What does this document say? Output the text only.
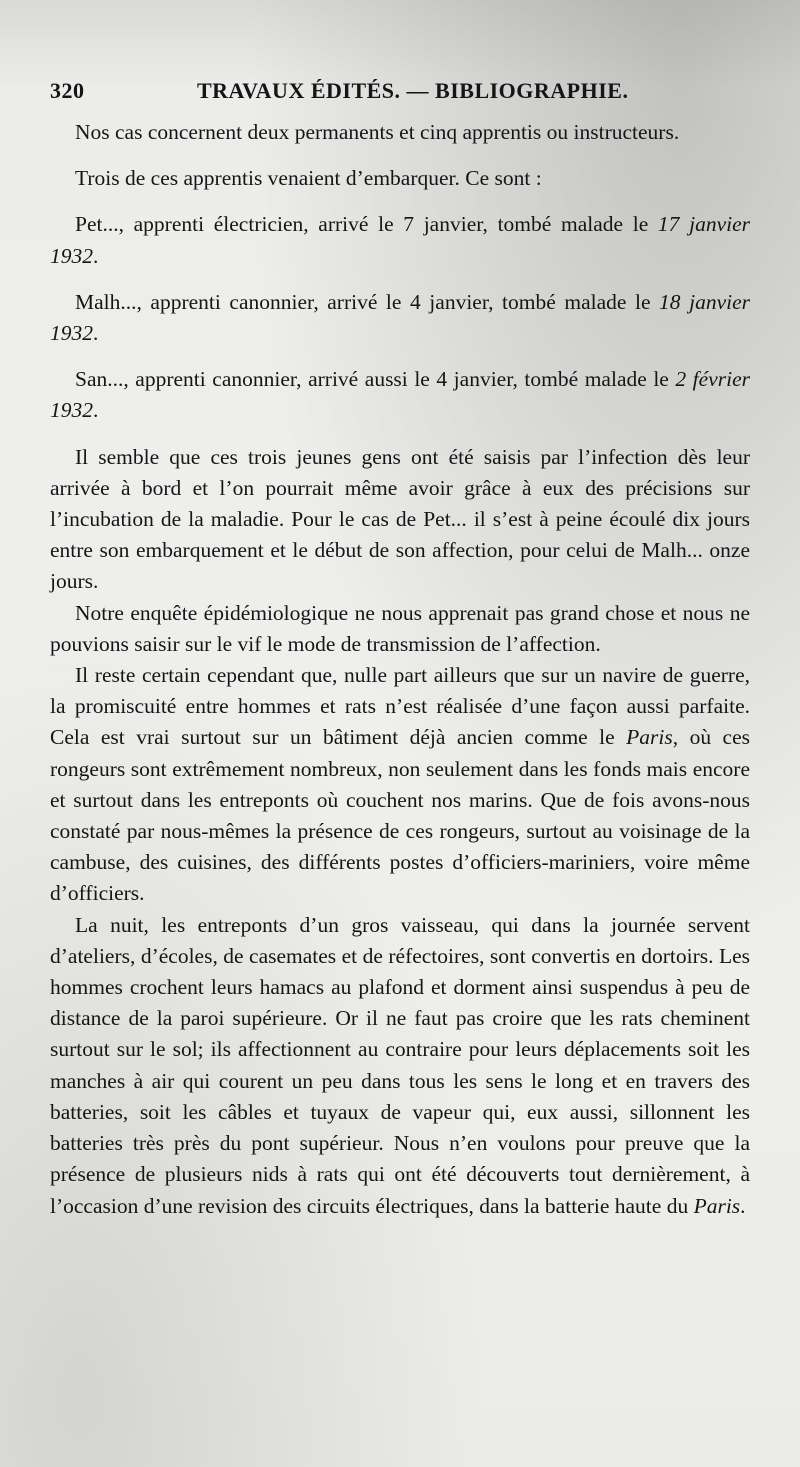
320	TRAVAUX ÉDITÉS. — BIBLIOGRAPHIE.

Nos cas concernent deux permanents et cinq apprentis ou instructeurs.

Trois de ces apprentis venaient d’embarquer. Ce sont :

Pet..., apprenti électricien, arrivé le 7 janvier, tombé malade le 17 janvier 1932.

Malh..., apprenti canonnier, arrivé le 4 janvier, tombé malade le 18 janvier 1932.

San..., apprenti canonnier, arrivé aussi le 4 janvier, tombé malade le 2 février 1932.

Il semble que ces trois jeunes gens ont été saisis par l’infection dès leur arrivée à bord et l’on pourrait même avoir grâce à eux des précisions sur l’incubation de la maladie. Pour le cas de Pet... il s’est à peine écoulé dix jours entre son embarquement et le début de son affection, pour celui de Malh... onze jours.

Notre enquête épidémiologique ne nous apprenait pas grand chose et nous ne pouvions saisir sur le vif le mode de transmission de l’affection.

Il reste certain cependant que, nulle part ailleurs que sur un navire de guerre, la promiscuité entre hommes et rats n’est réalisée d’une façon aussi parfaite. Cela est vrai surtout sur un bâtiment déjà ancien comme le Paris, où ces rongeurs sont extrêmement nombreux, non seulement dans les fonds mais encore et surtout dans les entreponts où couchent nos marins. Que de fois avons-nous constaté par nous-mêmes la présence de ces rongeurs, surtout au voisinage de la cambuse, des cuisines, des différents postes d’officiers-mariniers, voire même d’officiers.

La nuit, les entreponts d’un gros vaisseau, qui dans la journée servent d’ateliers, d’écoles, de casemates et de réfectoires, sont convertis en dortoirs. Les hommes crochent leurs hamacs au plafond et dorment ainsi suspendus à peu de distance de la paroi supérieure. Or il ne faut pas croire que les rats cheminent surtout sur le sol; ils affectionnent au contraire pour leurs déplacements soit les manches à air qui courent un peu dans tous les sens le long et en travers des batteries, soit les câbles et tuyaux de vapeur qui, eux aussi, sillonnent les batteries très près du pont supérieur. Nous n’en voulons pour preuve que la présence de plusieurs nids à rats qui ont été découverts tout dernièrement, à l’occasion d’une revision des circuits électriques, dans la batterie haute du Paris.
